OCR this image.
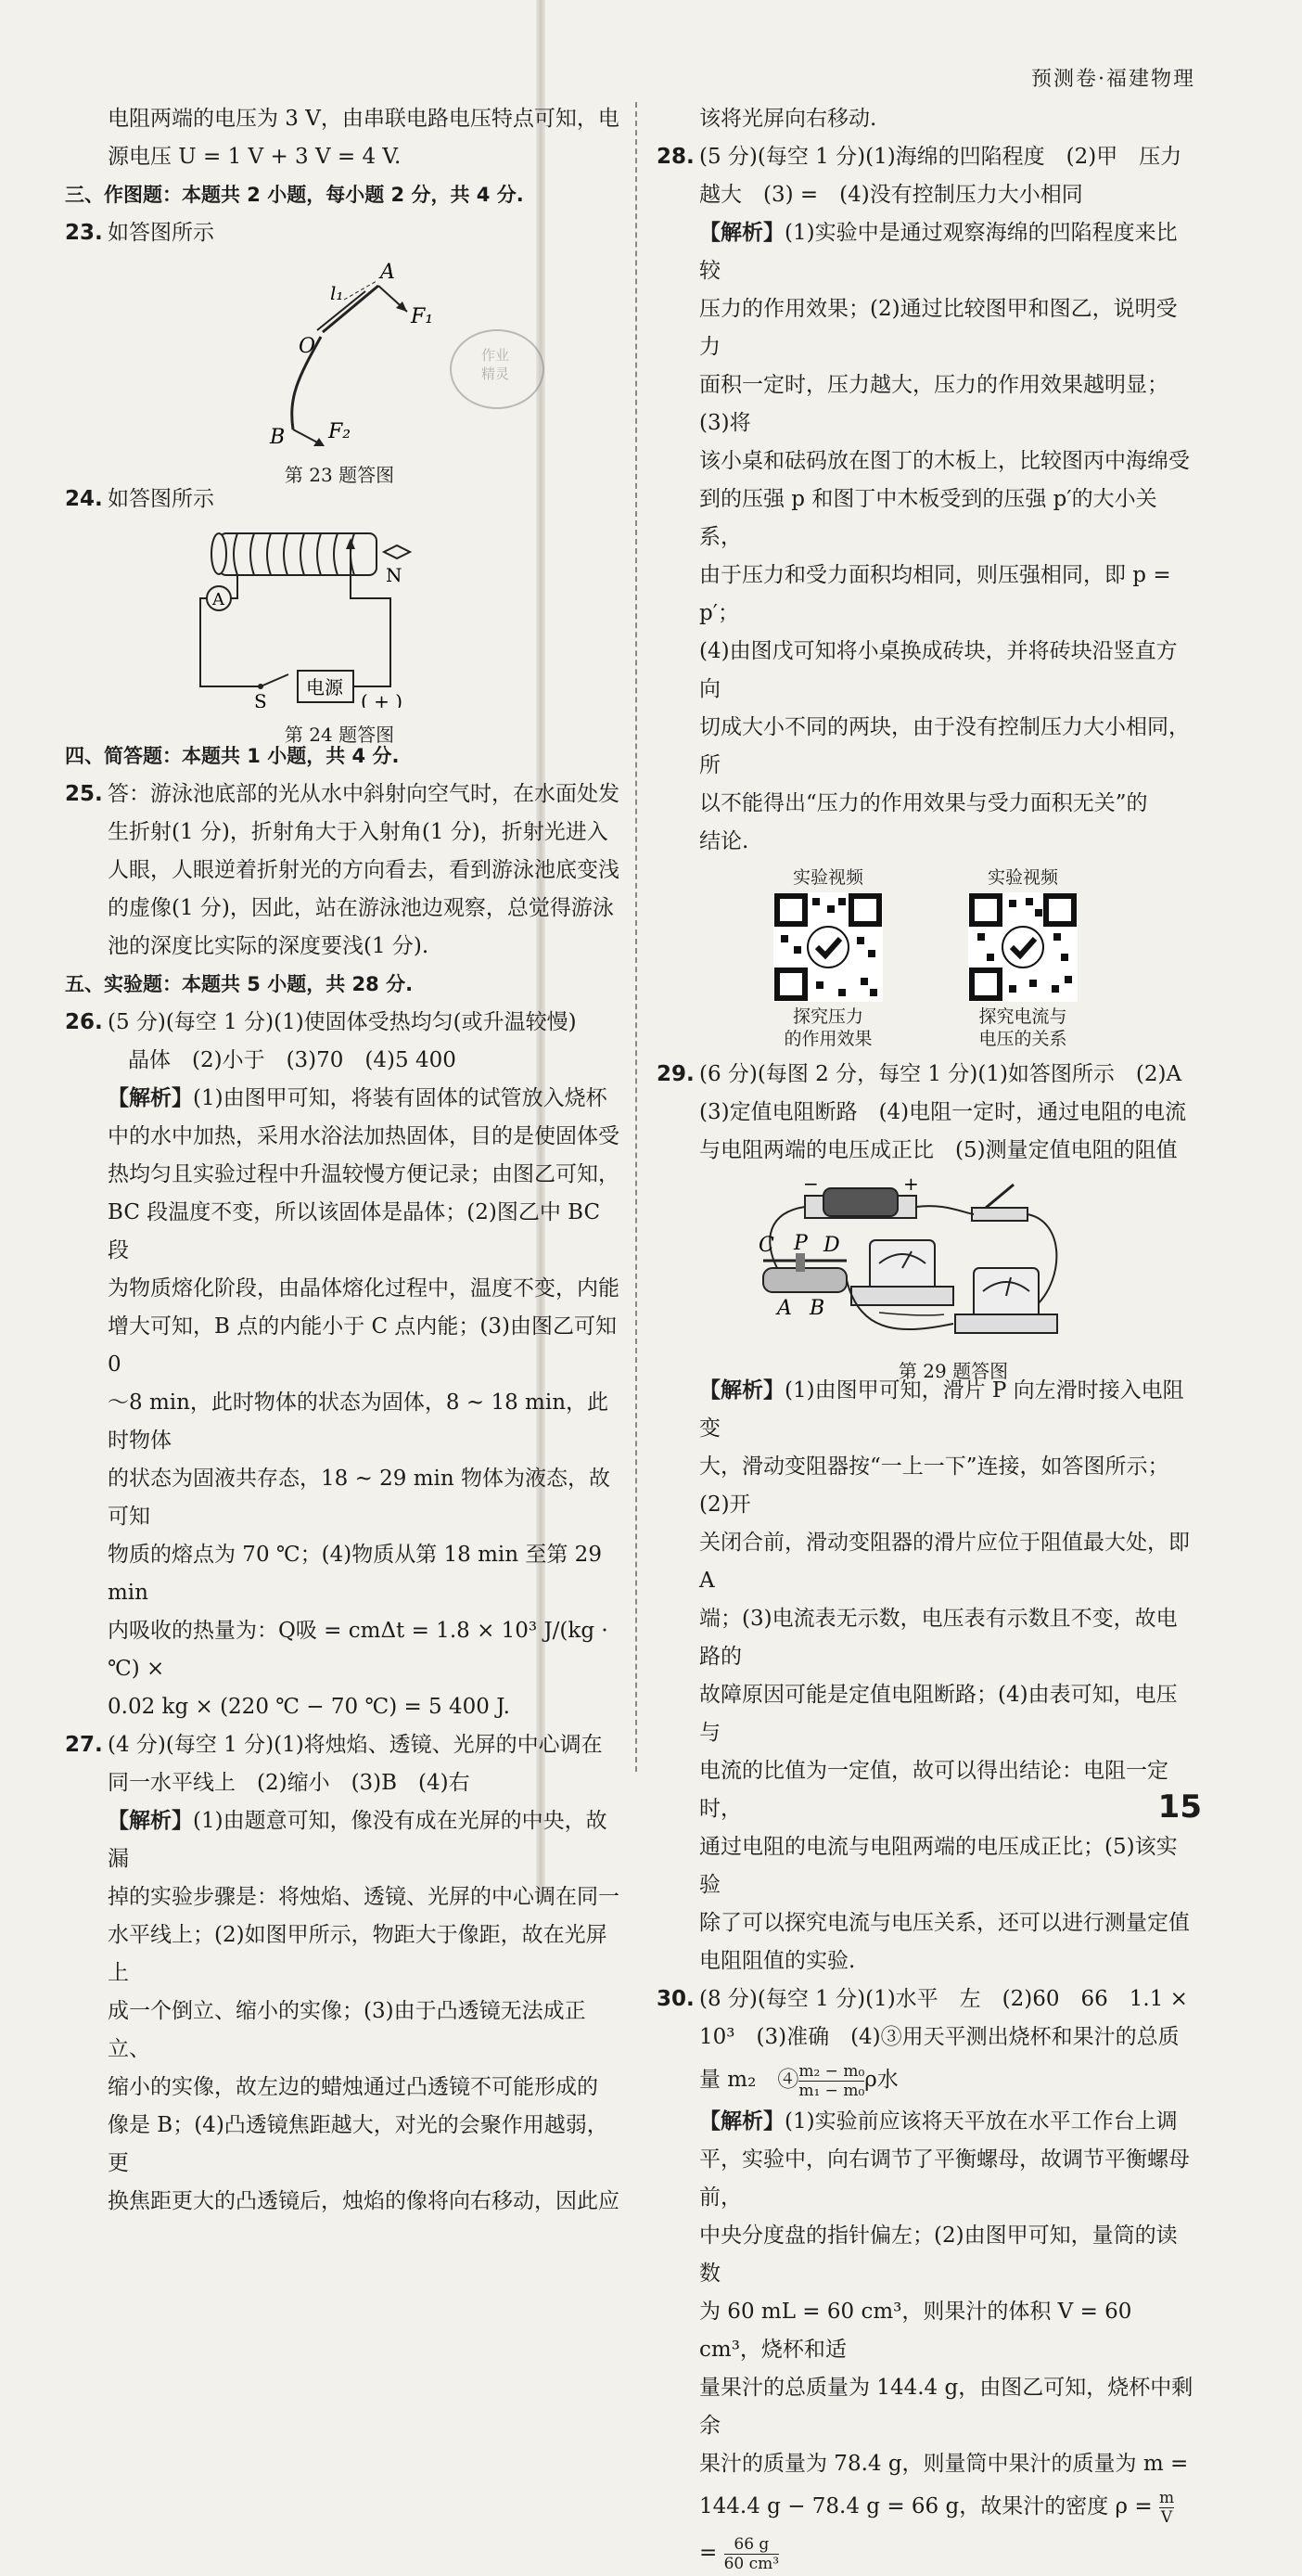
预测卷·福建物理

电阻两端的电压为 3 V，由串联电路电压特点可知，电

源电压 U = 1 V + 3 V = 4 V.

三、作图题：本题共 2 小题，每小题 2 分，共 4 分.

23. 如答图所示

l₁
A
F₁
O
B F₂
作业
精灵
第 23 题答图

24. 如答图所示

N
A
电源
S	( + )
第 24 题答图

四、简答题：本题共 1 小题，共 4 分.

25. 答：游泳池底部的光从水中斜射向空气时，在水面处发

生折射(1 分)，折射角大于入射角(1 分)，折射光进入

人眼，人眼逆着折射光的方向看去，看到游泳池底变浅

的虚像(1 分)，因此，站在游泳池边观察，总觉得游泳

池的深度比实际的深度要浅(1 分).

五、实验题：本题共 5 小题，共 28 分.

26. (5 分)(每空 1 分)(1)使固体受热均匀(或升温较慢)

晶体　(2)小于　(3)70　(4)5 400

【解析】(1)由图甲可知，将装有固体的试管放入烧杯

中的水中加热，采用水浴法加热固体，目的是使固体受

热均匀且实验过程中升温较慢方便记录；由图乙可知，

BC 段温度不变，所以该固体是晶体；(2)图乙中 BC 段

为物质熔化阶段，由晶体熔化过程中，温度不变，内能

增大可知，B 点的内能小于 C 点内能；(3)由图乙可知 0

～8 min，此时物体的状态为固体，8 ~ 18 min，此时物体

的状态为固液共存态，18 ~ 29 min 物体为液态，故可知

物质的熔点为 70 ℃；(4)物质从第 18 min 至第 29 min

内吸收的热量为：Q吸 = cmΔt = 1.8 × 10³ J/(kg · ℃) ×

0.02 kg × (220 ℃ − 70 ℃) = 5 400 J.

27. (4 分)(每空 1 分)(1)将烛焰、透镜、光屏的中心调在

同一水平线上　(2)缩小　(3)B　(4)右

【解析】(1)由题意可知，像没有成在光屏的中央，故漏

掉的实验步骤是：将烛焰、透镜、光屏的中心调在同一

水平线上；(2)如图甲所示，物距大于像距，故在光屏上

成一个倒立、缩小的实像；(3)由于凸透镜无法成正立、

缩小的实像，故左边的蜡烛通过凸透镜不可能形成的

像是 B；(4)凸透镜焦距越大，对光的会聚作用越弱，更

换焦距更大的凸透镜后，烛焰的像将向右移动，因此应

该将光屏向右移动.

28. (5 分)(每空 1 分)(1)海绵的凹陷程度　(2)甲　压力

越大　(3) =　(4)没有控制压力大小相同

【解析】(1)实验中是通过观察海绵的凹陷程度来比较

压力的作用效果；(2)通过比较图甲和图乙，说明受力

面积一定时，压力越大，压力的作用效果越明显；(3)将

该小桌和砝码放在图丁的木板上，比较图丙中海绵受

到的压强 p 和图丁中木板受到的压强 p′的大小关系，

由于压力和受力面积均相同，则压强相同，即 p = p′；

(4)由图戊可知将小桌换成砖块，并将砖块沿竖直方向

切成大小不同的两块，由于没有控制压力大小相同，所

以不能得出“压力的作用效果与受力面积无关”的

结论.

实验视频
探究压力
的作用效果
实验视频
探究电流与
电压的关系

29. (6 分)(每图 2 分，每空 1 分)(1)如答图所示　(2)A

(3)定值电阻断路　(4)电阻一定时，通过电阻的电流

与电阻两端的电压成正比　(5)测量定值电阻的阻值

−	+
C P D
A B
第 29 题答图

【解析】(1)由图甲可知，滑片 P 向左滑时接入电阻变

大，滑动变阻器按“一上一下”连接，如答图所示；(2)开

关闭合前，滑动变阻器的滑片应位于阻值最大处，即 A

端；(3)电流表无示数，电压表有示数且不变，故电路的

故障原因可能是定值电阻断路；(4)由表可知，电压与

电流的比值为一定值，故可以得出结论：电阻一定时，

通过电阻的电流与电阻两端的电压成正比；(5)该实验

除了可以探究电流与电压关系，还可以进行测量定值

电阻阻值的实验.

30. (8 分)(每空 1 分)(1)水平　左　(2)60　66　1.1 ×

10³　(3)准确　(4)③用天平测出烧杯和果汁的总质

量 m₂　④ $\frac{\text{m₂ − m₀}}{\text{m₁ − m₀}}$ ρ水

【解析】(1)实验前应该将天平放在水平工作台上调

平，实验中，向右调节了平衡螺母，故调节平衡螺母前，

中央分度盘的指针偏左；(2)由图甲可知，量筒的读数

为 60 mL = 60 cm³，则果汁的体积 V = 60 cm³，烧杯和适

量果汁的总质量为 144.4 g，由图乙可知，烧杯中剩余

果汁的质量为 78.4 g，则量筒中果汁的质量为 m =

144.4 g − 78.4 g = 66 g，故果汁的密度 $\rho = \frac{m}{V}$
= $\frac{66 g}{\text{60 cm³}}$

15
